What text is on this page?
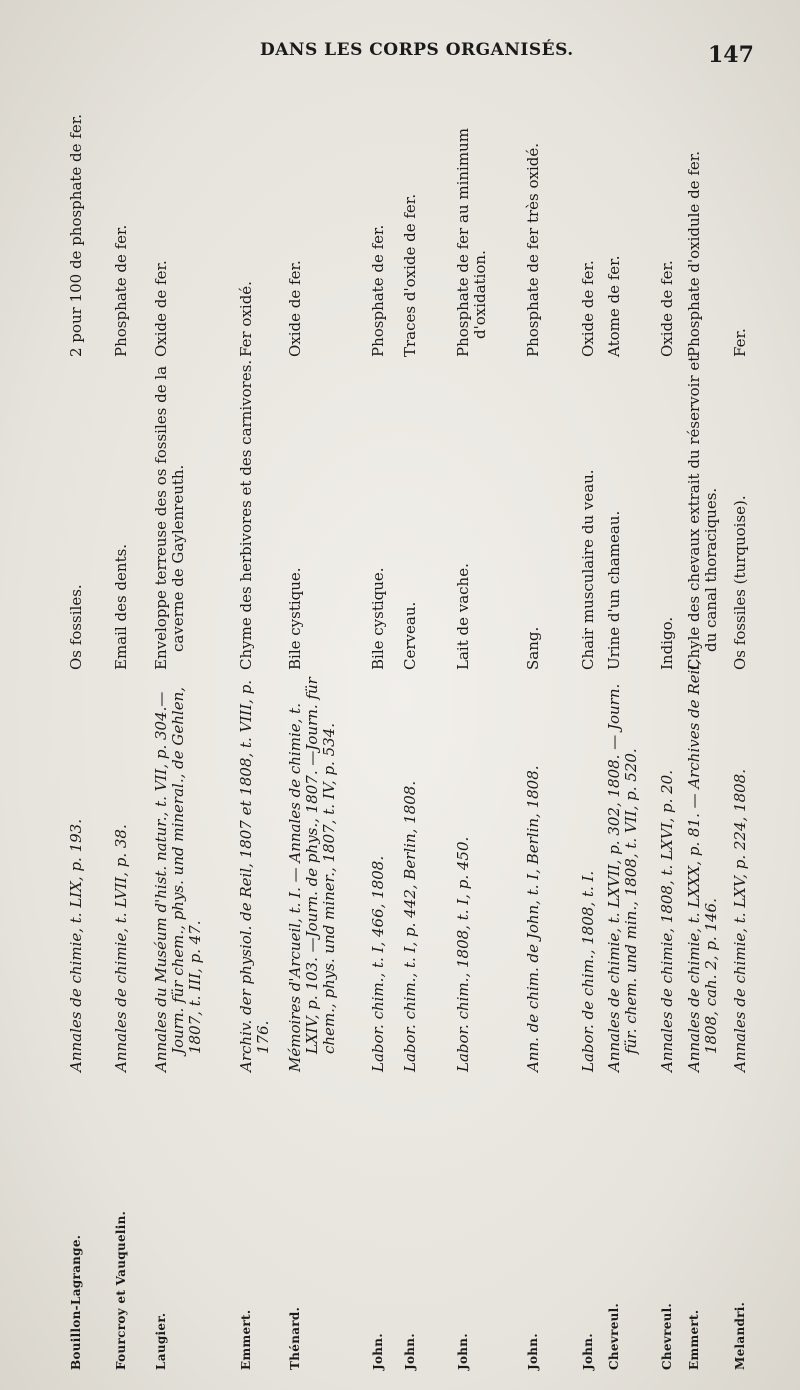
DANS LES CORPS ORGANISÉS.	147
Bouillon-Lagrange.
Annales de chimie, t. LIX, p. 193.
Os fossiles.
2 pour 100 de phosphate de fer.
Fourcroy et Vauquelin.
Annales de chimie, t. LVII, p. 38.
Email des dents.
Phosphate de fer.
Laugier.
Annales du Muséum d'hist. natur., t. VII, p. 304.— Journ. für chem., phys. und mineral., de Gehlen, 1807, t. III, p. 47.
Enveloppe terreuse des os fossiles de la caverne de Gaylenreuth.
Oxide de fer.
Emmert.
Archiv. der physiol. de Reil, 1807 et 1808, t. VIII, p. 176.
Chyme des herbivores et des carnivores.
Fer oxidé.
Thénard.
Mémoires d'Arcueil, t. I. — Annales de chimie, t. LXIV, p. 103. —Journ. de phys., 1807. —Journ. für chem., phys. und miner., 1807, t. IV, p. 534.
Bile cystique.
Oxide de fer.
John.
Labor. chim., t. I, 466, 1808.
Bile cystique.
Phosphate de fer.
John.
Labor. chim., t. I, p. 442, Berlin, 1808.
Cerveau.
Traces d'oxide de fer.
John.
Labor. chim., 1808, t. I, p. 450.
Lait de vache.
Phosphate de fer au minimum d'oxidation.
John.
Ann. de chim. de John, t. I, Berlin, 1808.
Sang.
Phosphate de fer très oxidé.
John.
Labor. de chim., 1808, t. I.
Chair musculaire du veau.
Oxide de fer.
Chevreul.
Annales de chimie, t. LXVII, p. 302, 1808. — Journ. für. chem. und min., 1808, t. VII, p. 520.
Urine d'un chameau.
Atome de fer.
Chevreul.
Annales de chimie, 1808, t. LXVI, p. 20.
Indigo.
Oxide de fer.
Emmert.
Annales de chimie, t. LXXX, p. 81. — Archives de Reil, 1808, cah. 2, p. 146.
Chyle des chevaux extrait du réservoir et du canal thoraciques.
Phosphate d'oxidule de fer.
Melandri.
Annales de chimie, t. LXV, p. 224, 1808.
Os fossiles (turquoise).
Fer.
